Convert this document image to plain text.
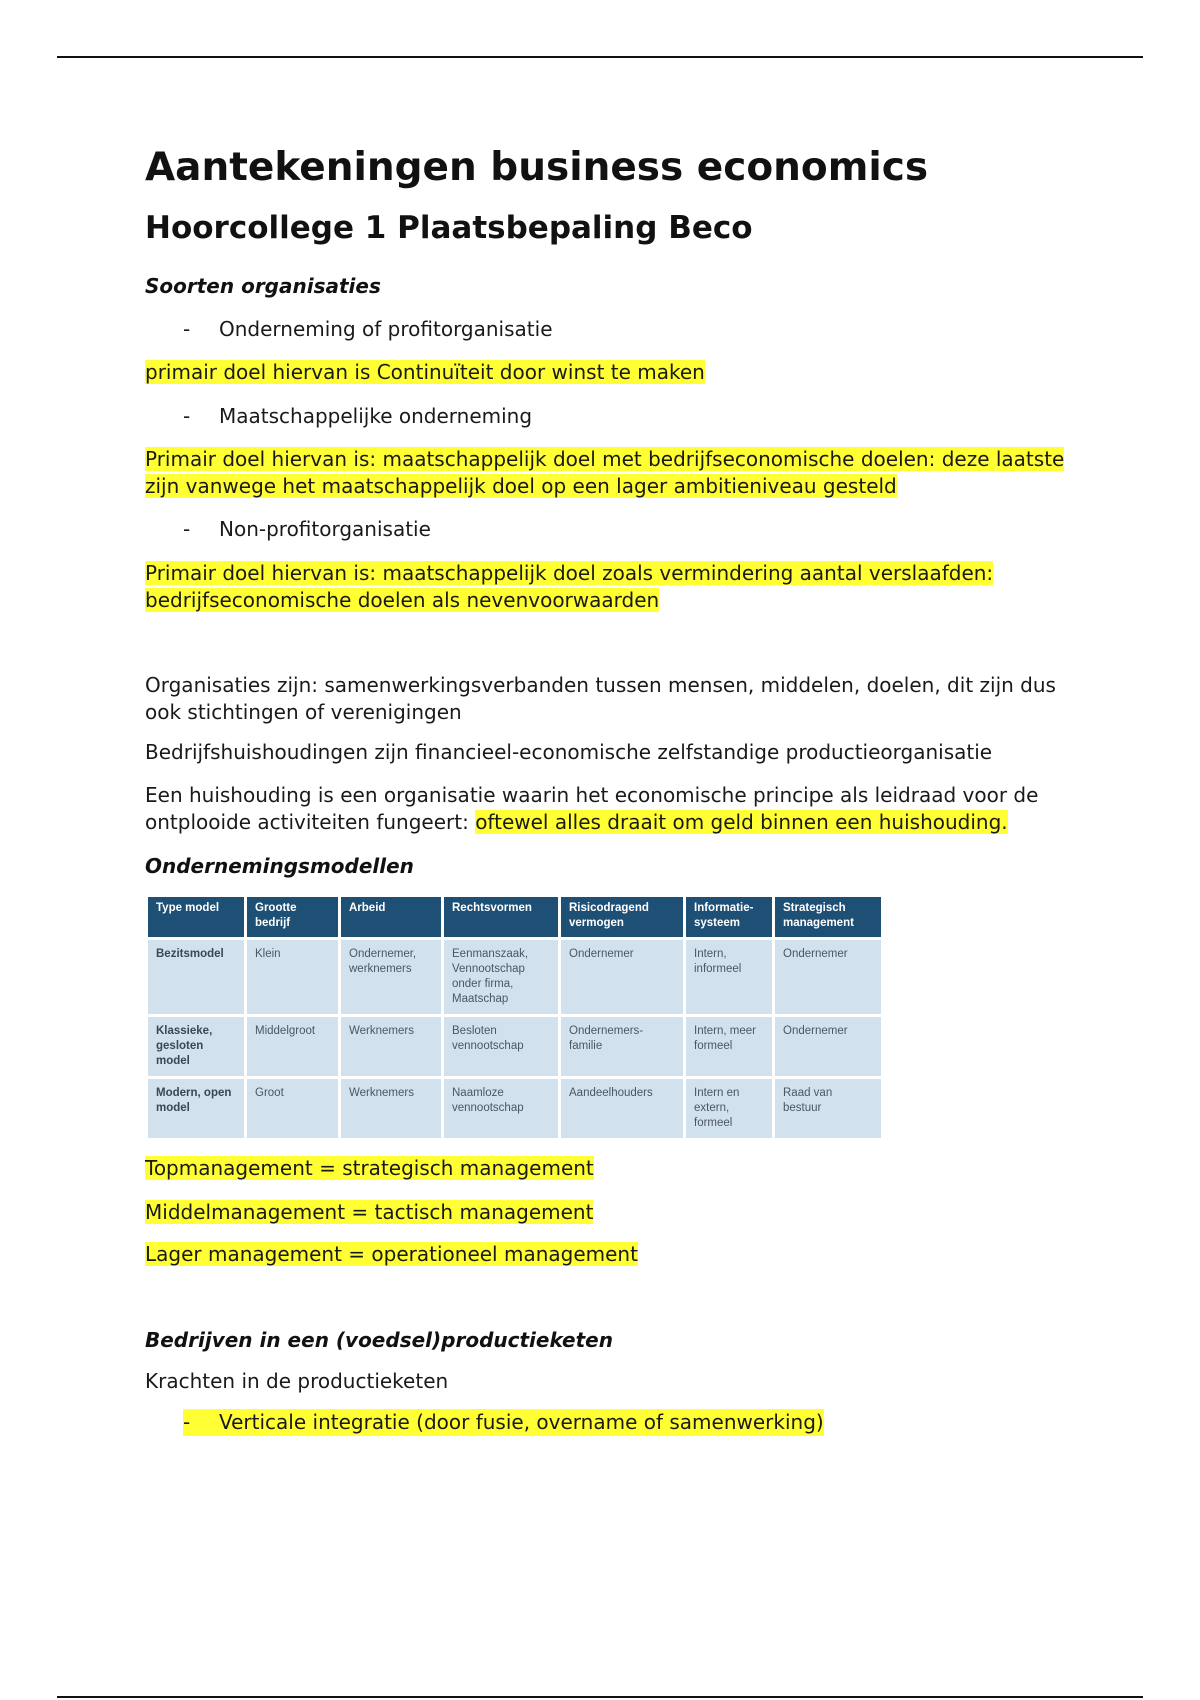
Aantekeningen business economics
Hoorcollege 1 Plaatsbepaling Beco
Soorten organisaties
-	Onderneming of profitorganisatie

primair doel hiervan is Continuïteit door winst te maken

-	Maatschappelijke onderneming

Primair doel hiervan is: maatschappelijk doel met bedrijfseconomische doelen: deze laatste
zijn vanwege het maatschappelijk doel op een lager ambitieniveau gesteld

-	Non-profitorganisatie

Primair doel hiervan is: maatschappelijk doel zoals vermindering aantal verslaafden:
bedrijfseconomische doelen als nevenvoorwaarden

Organisaties zijn: samenwerkingsverbanden tussen mensen, middelen, doelen, dit zijn dus
ook stichtingen of verenigingen

Bedrijfshuishoudingen zijn financieel-economische zelfstandige productieorganisatie

Een huishouding is een organisatie waarin het economische principe als leidraad voor de
ontplooide activiteiten fungeert: oftewel alles draait om geld binnen een huishouding.

Ondernemingsmodellen
Type model	Grootte bedrijf	Arbeid	Rechtsvormen	Risicodragend vermogen	Informatie-systeem	Strategisch management
Bezitsmodel	Klein	Ondernemer, werknemers	Eenmanszaak, Vennootschap onder firma, Maatschap	Ondernemer	Intern, informeel	Ondernemer
Klassieke, gesloten model	Middelgroot	Werknemers	Besloten vennootschap	Ondernemers-familie	Intern, meer formeel	Ondernemer
Modern, open model	Groot	Werknemers	Naamloze vennootschap	Aandeelhouders	Intern en extern, formeel	Raad van bestuur

Topmanagement = strategisch management

Middelmanagement = tactisch management

Lager management = operationeel management

Bedrijven in een (voedsel)productieketen

Krachten in de productieketen

-	Verticale integratie (door fusie, overname of samenwerking)
